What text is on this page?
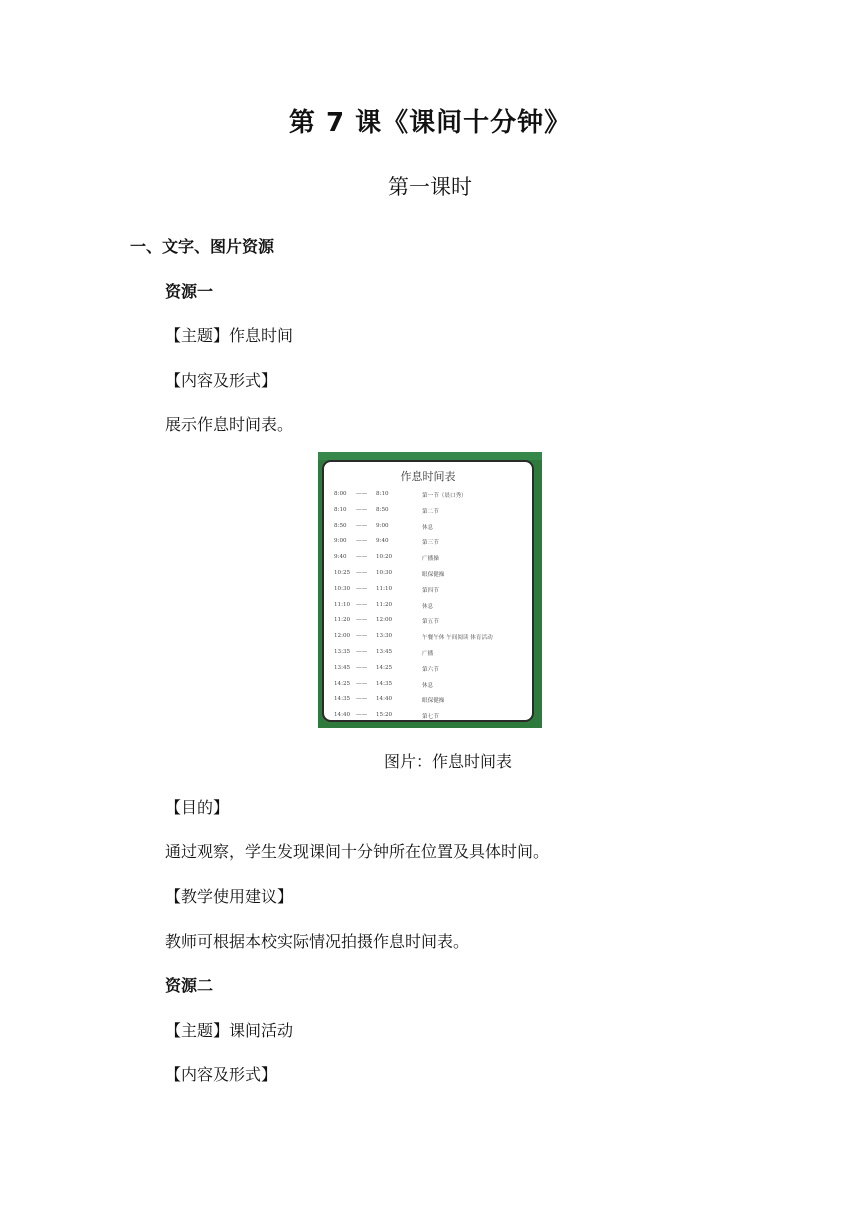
第 7 课《课间十分钟》
第一课时
一、文字、图片资源
资源一
【主题】作息时间
【内容及形式】
展示作息时间表。
作息时间表
8:00 —— 8:10	第一节（晨口秀）
8:10 —— 8:50	第二节
8:50 —— 9:00	休息
9:00 —— 9:40	第三节
9:40 —— 10:20	广播操
10:25 —— 10:30	眼保健操
10:30 —— 11:10	第四节
11:10 —— 11:20	休息
11:20 —— 12:00	第五节
12:00 —— 13:30	午餐午休 午间阅读 体育活动
13:35 —— 13:45	广播
13:45 —— 14:25	第六节
14:25 —— 14:35	休息
14:35 —— 14:40	眼保健操
14:40 —— 15:20	第七节
图片：作息时间表
【目的】
通过观察，学生发现课间十分钟所在位置及具体时间。
【教学使用建议】
教师可根据本校实际情况拍摄作息时间表。
资源二
【主题】课间活动
【内容及形式】
